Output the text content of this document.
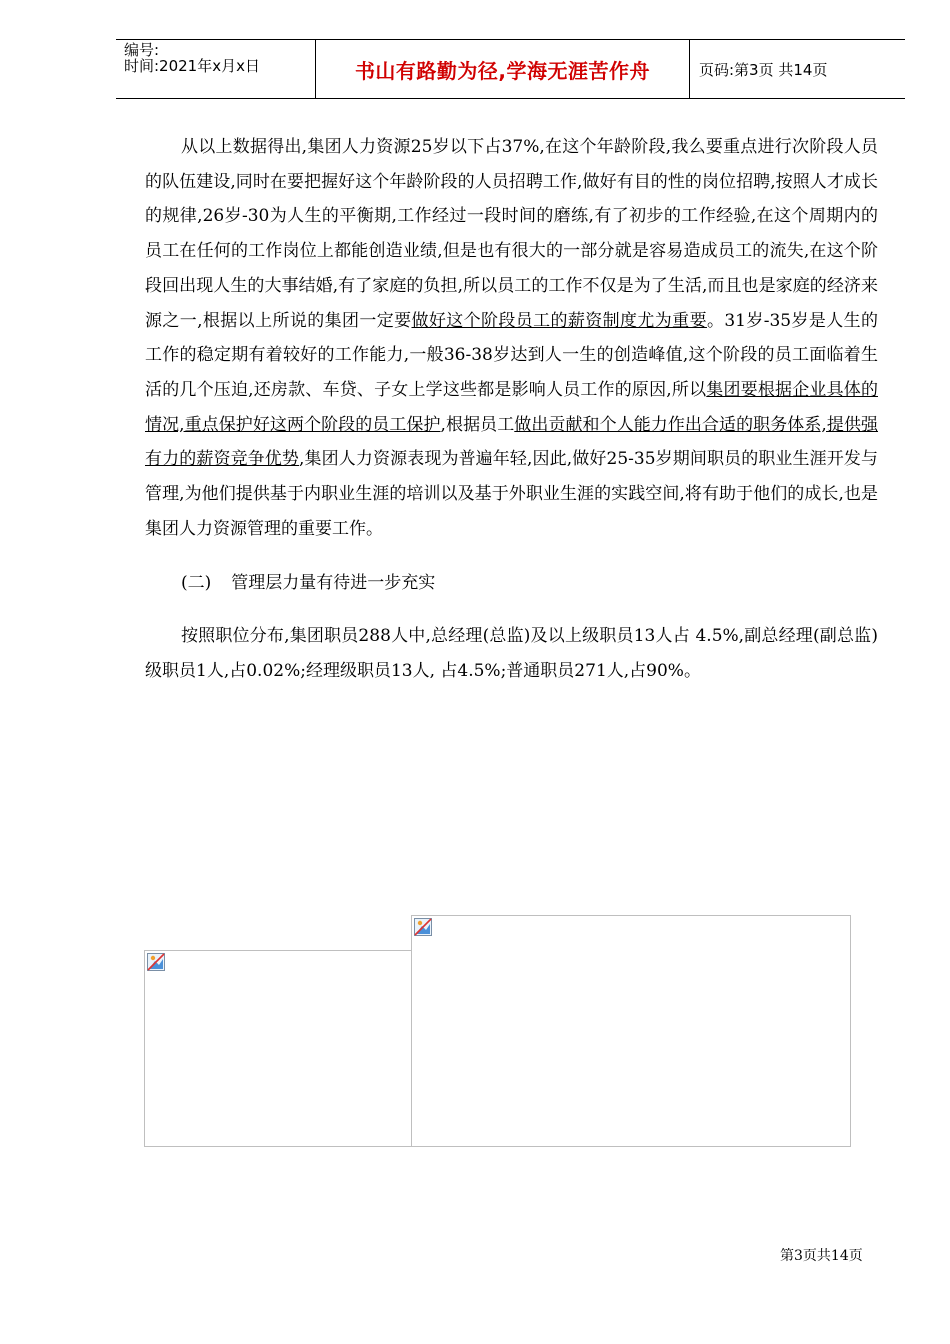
编号:
时间:2021年x月x日	书山有路勤为径,学海无涯苦作舟	页码:第3页 共14页

从以上数据得出,集团人力资源25岁以下占37%,在这个年龄阶段,我么要重点进行次阶段人员的队伍建设,同时在要把握好这个年龄阶段的人员招聘工作,做好有目的性的岗位招聘,按照人才成长的规律,26岁-30为人生的平衡期,工作经过一段时间的磨练,有了初步的工作经验,在这个周期内的员工在任何的工作岗位上都能创造业绩,但是也有很大的一部分就是容易造成员工的流失,在这个阶段回出现人生的大事结婚,有了家庭的负担,所以员工的工作不仅是为了生活,而且也是家庭的经济来源之一,根据以上所说的集团一定要做好这个阶段员工的薪资制度尤为重要。31岁-35岁是人生的工作的稳定期有着较好的工作能力,一般36-38岁达到人一生的创造峰值,这个阶段的员工面临着生活的几个压迫,还房款、车贷、子女上学这些都是影响人员工作的原因,所以集团要根据企业具体的情况,重点保护好这两个阶段的员工保护,根据员工做出贡献和个人能力作出合适的职务体系,提供强有力的薪资竞争优势,集团人力资源表现为普遍年轻,因此,做好25-35岁期间职员的职业生涯开发与管理,为他们提供基于内职业生涯的培训以及基于外职业生涯的实践空间,将有助于他们的成长,也是集团人力资源管理的重要工作。

(二) 管理层力量有待进一步充实

按照职位分布,集团职员288人中,总经理(总监)及以上级职员13人占 4.5%,副总经理(副总监)级职员1人,占0.02%;经理级职员13人, 占4.5%;普通职员271人,占90%。

第3页共14页
